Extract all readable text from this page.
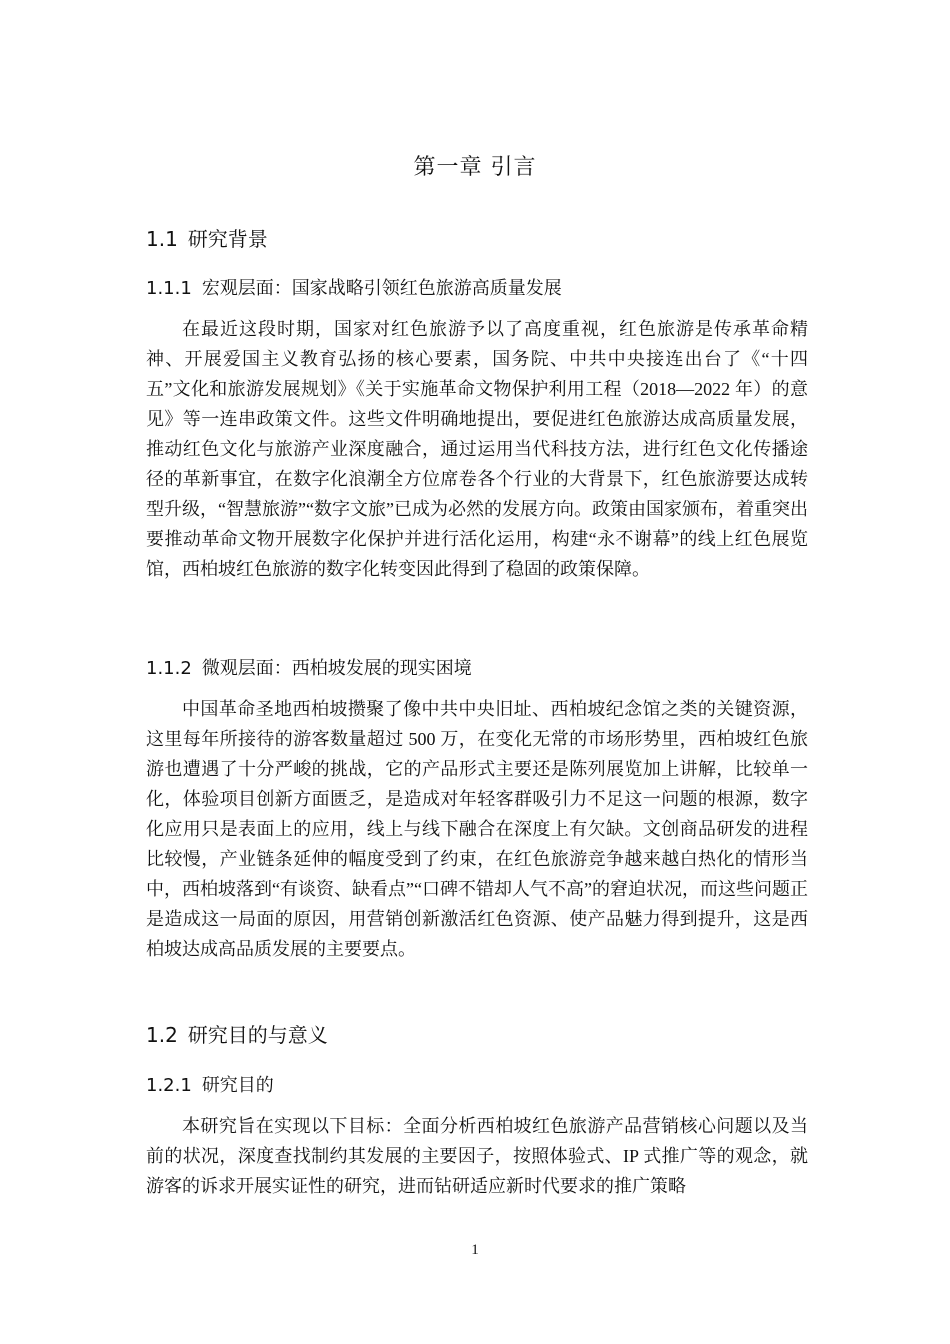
第一章 引言
1.1 研究背景
1.1.1 宏观层面：国家战略引领红色旅游高质量发展

在最近这段时期，国家对红色旅游予以了高度重视，红色旅游是传承革命精神、开展爱国主义教育弘扬的核心要素，国务院、中共中央接连出台了《“十四五”文化和旅游发展规划》《关于实施革命文物保护利用工程（2018—2022 年）的意见》等一连串政策文件。这些文件明确地提出，要促进红色旅游达成高质量发展，推动红色文化与旅游产业深度融合，通过运用当代科技方法，进行红色文化传播途径的革新事宜，在数字化浪潮全方位席卷各个行业的大背景下，红色旅游要达成转型升级，“智慧旅游”“数字文旅”已成为必然的发展方向。政策由国家颁布，着重突出要推动革命文物开展数字化保护并进行活化运用，构建“永不谢幕”的线上红色展览馆，西柏坡红色旅游的数字化转变因此得到了稳固的政策保障。

1.1.2 微观层面：西柏坡发展的现实困境

中国革命圣地西柏坡攒聚了像中共中央旧址、西柏坡纪念馆之类的关键资源，这里每年所接待的游客数量超过 500 万，在变化无常的市场形势里，西柏坡红色旅游也遭遇了十分严峻的挑战，它的产品形式主要还是陈列展览加上讲解，比较单一化，体验项目创新方面匮乏，是造成对年轻客群吸引力不足这一问题的根源，数字化应用只是表面上的应用，线上与线下融合在深度上有欠缺。文创商品研发的进程比较慢，产业链条延伸的幅度受到了约束，在红色旅游竞争越来越白热化的情形当中，西柏坡落到“有谈资、缺看点”“口碑不错却人气不高”的窘迫状况，而这些问题正是造成这一局面的原因，用营销创新激活红色资源、使产品魅力得到提升，这是西柏坡达成高品质发展的主要要点。

1.2 研究目的与意义
1.2.1 研究目的

本研究旨在实现以下目标：全面分析西柏坡红色旅游产品营销核心问题以及当前的状况，深度查找制约其发展的主要因子，按照体验式、IP 式推广等的观念，就游客的诉求开展实证性的研究，进而钻研适应新时代要求的推广策略

1
